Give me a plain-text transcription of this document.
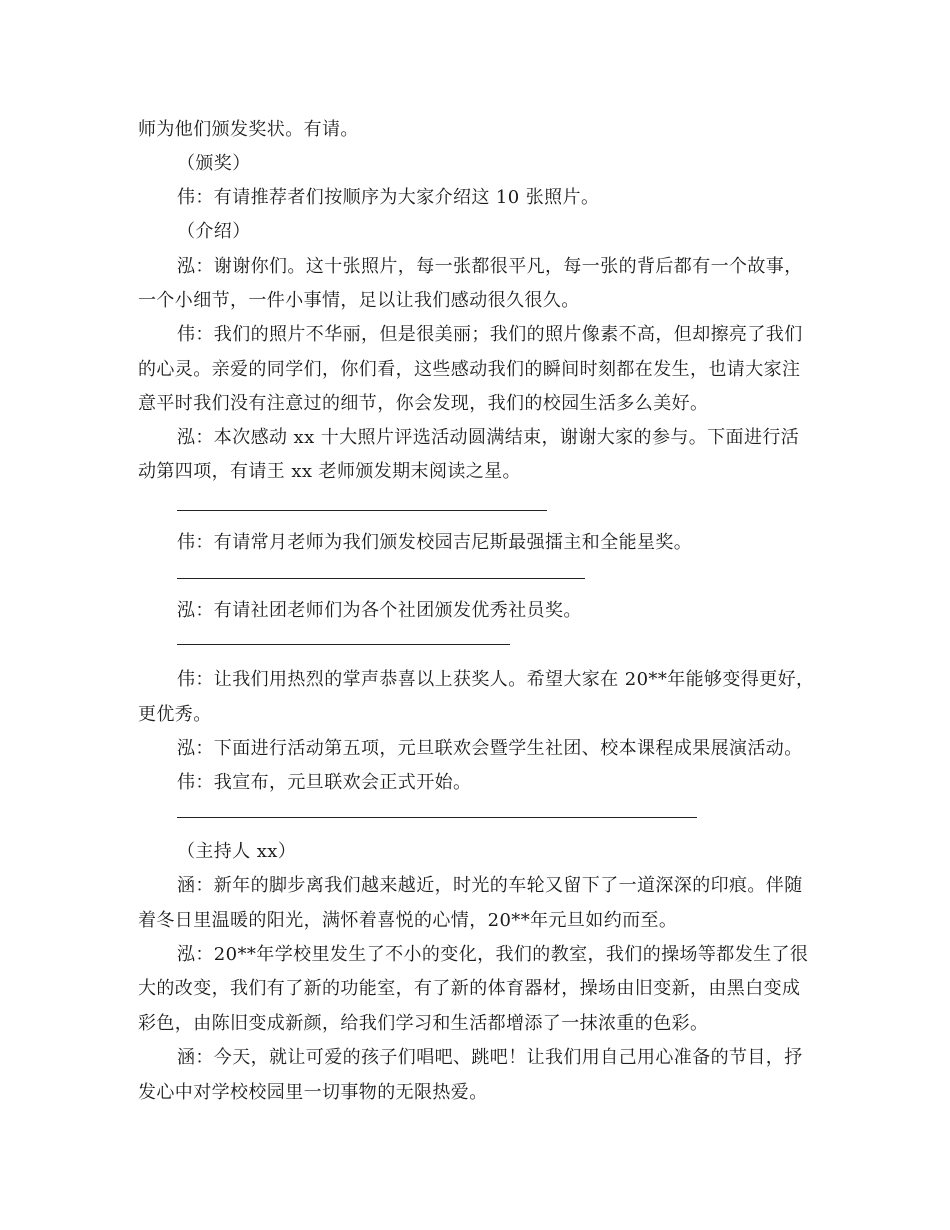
师为他们颁发奖状。有请。
（颁奖）
伟：有请推荐者们按顺序为大家介绍这 10 张照片。
（介绍）
泓：谢谢你们。这十张照片，每一张都很平凡，每一张的背后都有一个故事，
一个小细节，一件小事情，足以让我们感动很久很久。
伟：我们的照片不华丽，但是很美丽；我们的照片像素不高，但却擦亮了我们
的心灵。亲爱的同学们，你们看，这些感动我们的瞬间时刻都在发生，也请大家注
意平时我们没有注意过的细节，你会发现，我们的校园生活多么美好。
泓：本次感动 xx 十大照片评选活动圆满结束，谢谢大家的参与。下面进行活
动第四项，有请王 xx 老师颁发期末阅读之星。
伟：有请常月老师为我们颁发校园吉尼斯最强擂主和全能星奖。
泓：有请社团老师们为各个社团颁发优秀社员奖。
伟：让我们用热烈的掌声恭喜以上获奖人。希望大家在 20**年能够变得更好，
更优秀。
泓：下面进行活动第五项，元旦联欢会暨学生社团、校本课程成果展演活动。
伟：我宣布，元旦联欢会正式开始。
（主持人 xx）
涵：新年的脚步离我们越来越近，时光的车轮又留下了一道深深的印痕。伴随
着冬日里温暖的阳光，满怀着喜悦的心情，20**年元旦如约而至。
泓：20**年学校里发生了不小的变化，我们的教室，我们的操场等都发生了很
大的改变，我们有了新的功能室，有了新的体育器材，操场由旧变新，由黑白变成
彩色，由陈旧变成新颜，给我们学习和生活都增添了一抹浓重的色彩。
涵：今天，就让可爱的孩子们唱吧、跳吧！让我们用自己用心准备的节目，抒
发心中对学校校园里一切事物的无限热爱。
